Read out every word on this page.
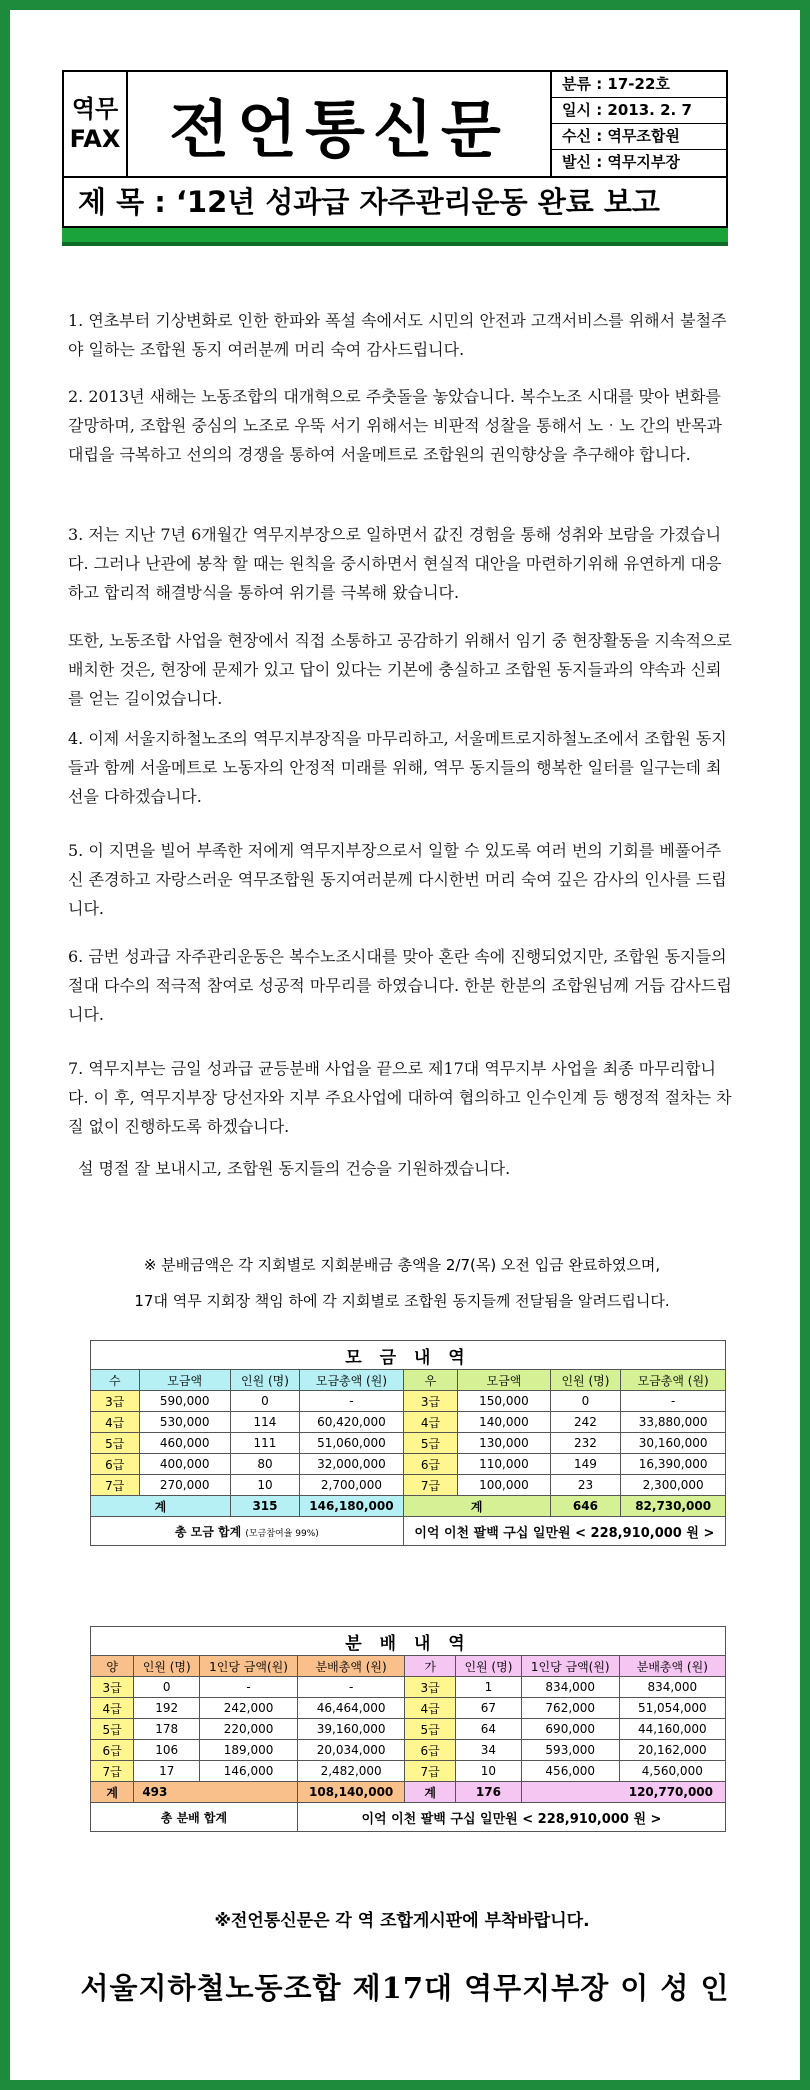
역무
FAX 전언통신문
분류 : 17-22호
일시 : 2013. 2. 7
수신 : 역무조합원
발신 : 역무지부장
제 목 : ‘12년 성과급 자주관리운동 완료 보고

1. 연초부터 기상변화로 인한 한파와 폭설 속에서도 시민의 안전과 고객서비스를 위해서 불철주야 일하는 조합원 동지 여러분께 머리 숙여 감사드립니다.

2. 2013년 새해는 노동조합의 대개혁으로 주춧돌을 놓았습니다. 복수노조 시대를 맞아 변화를 갈망하며, 조합원 중심의 노조로 우뚝 서기 위해서는 비판적 성찰을 통해서 노‧노 간의 반목과 대립을 극복하고 선의의 경쟁을 통하여 서울메트로 조합원의 권익향상을 추구해야 합니다.

3. 저는 지난 7년 6개월간 역무지부장으로 일하면서 값진 경험을 통해 성취와 보람을 가졌습니다. 그러나 난관에 봉착 할 때는 원칙을 중시하면서 현실적 대안을 마련하기위해 유연하게 대응하고 합리적 해결방식을 통하여 위기를 극복해 왔습니다.

또한, 노동조합 사업을 현장에서 직접 소통하고 공감하기 위해서 임기 중 현장활동을 지속적으로 배치한 것은, 현장에 문제가 있고 답이 있다는 기본에 충실하고 조합원 동지들과의 약속과 신뢰를 얻는 길이었습니다.

4. 이제 서울지하철노조의 역무지부장직을 마무리하고, 서울메트로지하철노조에서 조합원 동지들과 함께 서울메트로 노동자의 안정적 미래를 위해, 역무 동지들의 행복한 일터를 일구는데 최선을 다하겠습니다.

5. 이 지면을 빌어 부족한 저에게 역무지부장으로서 일할 수 있도록 여러 번의 기회를 베풀어주신 존경하고 자랑스러운 역무조합원 동지여러분께 다시한번 머리 숙여 깊은 감사의 인사를 드립니다.

6. 금번 성과급 자주관리운동은 복수노조시대를 맞아 혼란 속에 진행되었지만, 조합원 동지들의 절대 다수의 적극적 참여로 성공적 마무리를 하였습니다. 한분 한분의 조합원님께 거듭 감사드립니다.

7. 역무지부는 금일 성과급 균등분배 사업을 끝으로 제17대 역무지부 사업을 최종 마무리합니다. 이 후, 역무지부장 당선자와 지부 주요사업에 대하여 협의하고 인수인계 등 행정적 절차는 차질 없이 진행하도록 하겠습니다.

설 명절 잘 보내시고, 조합원 동지들의 건승을 기원하겠습니다.

※ 분배금액은 각 지회별로 지회분배금 총액을 2/7(목) 오전 입금 완료하였으며,
17대 역무 지회장 책임 하에 각 지회별로 조합원 동지들께 전달됨을 알려드립니다.
모 금 내 역							
수	모금액	인원 (명)	모금총액 (원)	우	모금액	인원 (명)	모금총액 (원)
3급	590,000	0	-	3급	150,000	0	-
4급	530,000	114	60,420,000	4급	140,000	242	33,880,000
5급	460,000	111	51,060,000	5급	130,000	232	30,160,000
6급	400,000	80	32,000,000	6급	110,000	149	16,390,000
7급	270,000	10	2,700,000	7급	100,000	23	2,300,000
계		315	146,180,000	계		646	82,730,000
총 모금 합계 (모금참여율 99%)				이억 이천 팔백 구십 일만원 < 228,910,000 원 >			
분 배 내 역							
양	인원 (명)	1인당 금액(원)	분배총액 (원)	가	인원 (명)	1인당 금액(원)	분배총액 (원)
3급	0	-	-	3급	1	834,000	834,000
4급	192	242,000	46,464,000	4급	67	762,000	51,054,000
5급	178	220,000	39,160,000	5급	64	690,000	44,160,000
6급	106	189,000	20,034,000	6급	34	593,000	20,162,000
7급	17	146,000	2,482,000	7급	10	456,000	4,560,000
계	493		108,140,000	계	176	120,770,000	
총 분배 합계			이억 이천 팔백 구십 일만원 < 228,910,000 원 >				
※전언통신문은 각 역 조합게시판에 부착바랍니다.
서울지하철노동조합 제17대 역무지부장 이 성 인
